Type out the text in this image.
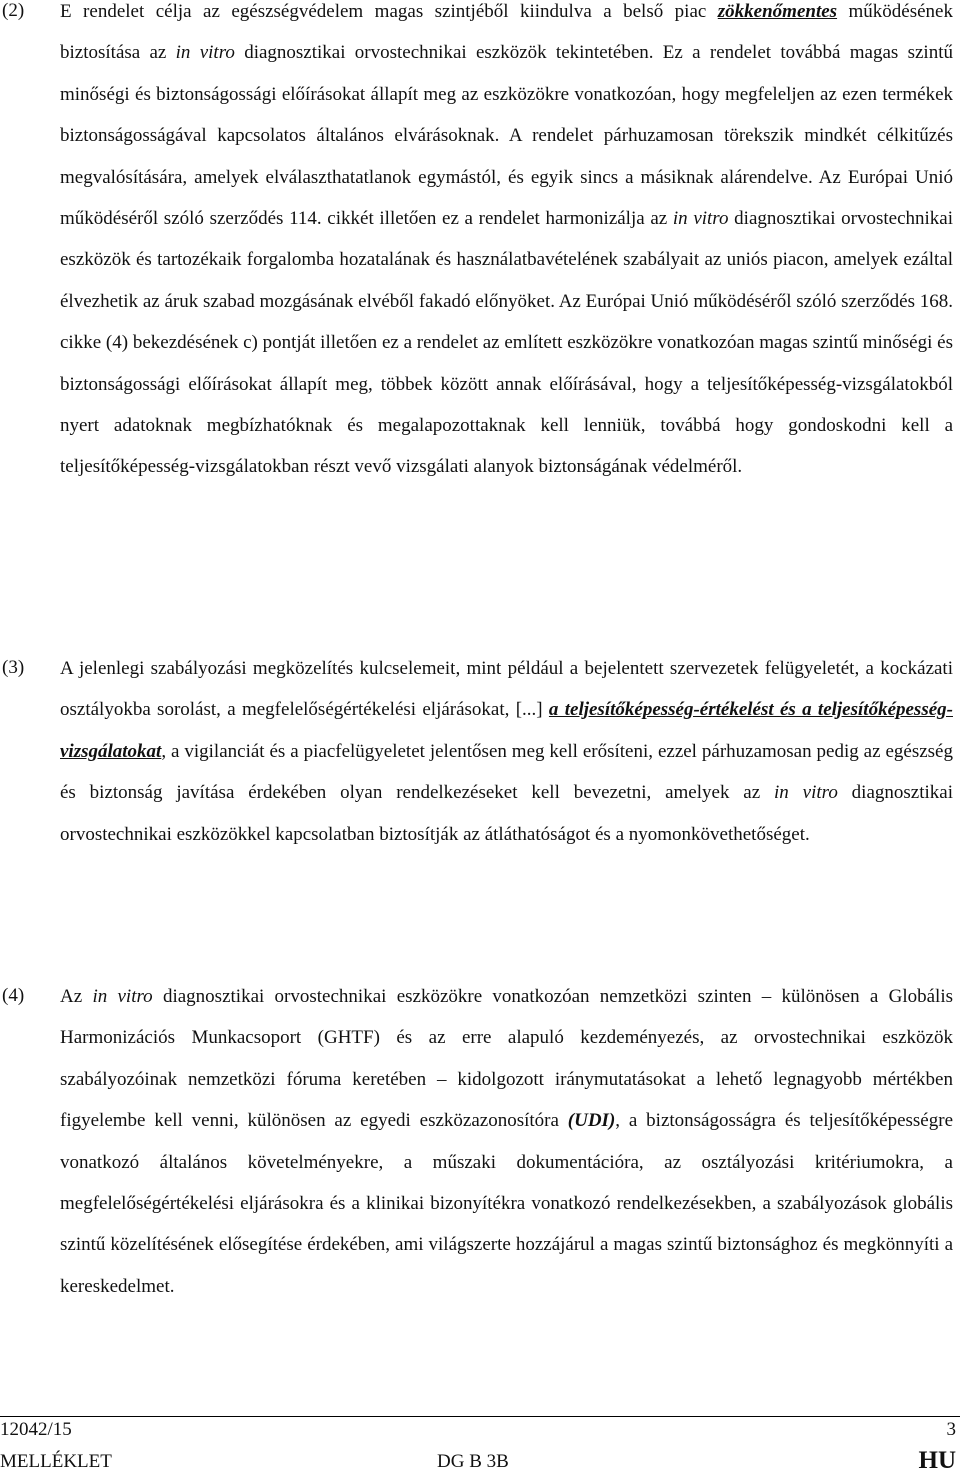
(2) E rendelet célja az egészségvédelem magas szintjéből kiindulva a belső piac zökkenőmentes működésének biztosítása az in vitro diagnosztikai orvostechnikai eszközök tekintetében. Ez a rendelet továbbá magas szintű minőségi és biztonságossági előírásokat állapít meg az eszközökre vonatkozóan, hogy megfeleljen az ezen termékek biztonságosságával kapcsolatos általános elvárásoknak. A rendelet párhuzamosan törekszik mindkét célkitűzés megvalósítására, amelyek elválaszthatatlanok egymástól, és egyik sincs a másiknak alárendelve. Az Európai Unió működéséről szóló szerződés 114. cikkét illetően ez a rendelet harmonizálja az in vitro diagnosztikai orvostechnikai eszközök és tartozékaik forgalomba hozatalának és használatbavételének szabályait az uniós piacon, amelyek ezáltal élvezhetik az áruk szabad mozgásának elvéből fakadó előnyöket. Az Európai Unió működéséről szóló szerződés 168. cikke (4) bekezdésének c) pontját illetően ez a rendelet az említett eszközökre vonatkozóan magas szintű minőségi és biztonságossági előírásokat állapít meg, többek között annak előírásával, hogy a teljesítőképesség-vizsgálatokból nyert adatoknak megbízhatóknak és megalapozottaknak kell lenniük, továbbá hogy gondoskodni kell a teljesítőképesség-vizsgálatokban részt vevő vizsgálati alanyok biztonságának védelméről.
(3) A jelenlegi szabályozási megközelítés kulcselemeit, mint például a bejelentett szervezetek felügyeletét, a kockázati osztályokba sorolást, a megfelelőségértékelési eljárásokat, [...] a teljesítőképesség-értékelést és a teljesítőképesség-vizsgálatokat, a vigilanciát és a piacfelügyeletet jelentősen meg kell erősíteni, ezzel párhuzamosan pedig az egészség és biztonság javítása érdekében olyan rendelkezéseket kell bevezetni, amelyek az in vitro diagnosztikai orvostechnikai eszközökkel kapcsolatban biztosítják az átláthatóságot és a nyomonkövethetőséget.
(4) Az in vitro diagnosztikai orvostechnikai eszközökre vonatkozóan nemzetközi szinten – különösen a Globális Harmonizációs Munkacsoport (GHTF) és az erre alapuló kezdeményezés, az orvostechnikai eszközök szabályozóinak nemzetközi fóruma keretében – kidolgozott iránymutatásokat a lehető legnagyobb mértékben figyelembe kell venni, különösen az egyedi eszközazonosítóra (UDI), a biztonságosságra és teljesítőképességre vonatkozó általános követelményekre, a műszaki dokumentációra, az osztályozási kritériumokra, a megfelelőségértékelési eljárásokra és a klinikai bizonyítékra vonatkozó rendelkezésekben, a szabályozások globális szintű közelítésének elősegítése érdekében, ami világszerte hozzájárul a magas szintű biztonsághoz és megkönnyíti a kereskedelmet.
12042/15	3
MELLÉKLET	DG B 3B	HU
